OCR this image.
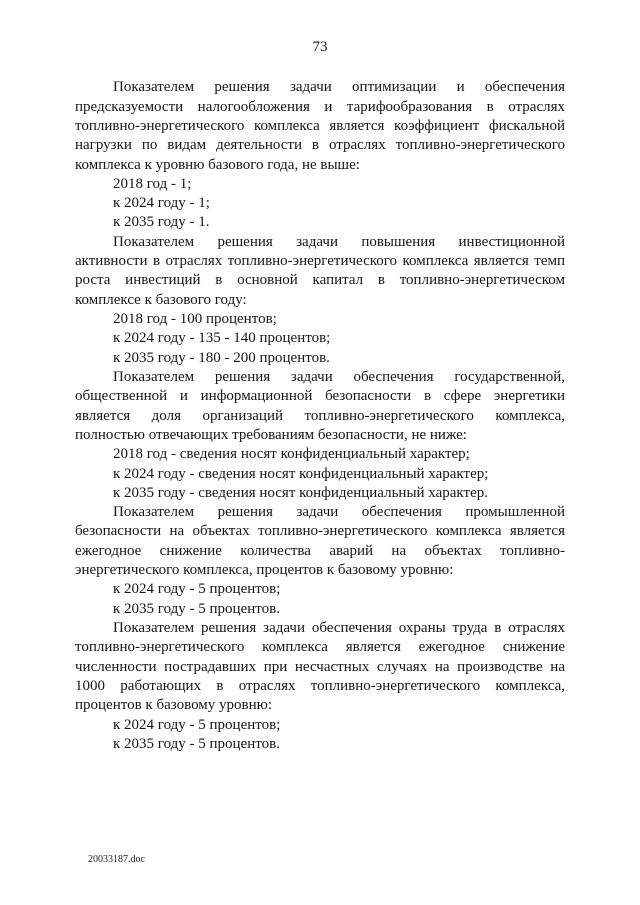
73
Показателем решения задачи оптимизации и обеспечения
предсказуемости налогообложения и тарифообразования в отраслях
топливно-энергетического комплекса является коэффициент фискальной
нагрузки по видам деятельности в отраслях топливно-энергетического
комплекса к уровню базового года, не выше:
2018 год - 1;
к 2024 году - 1;
к 2035 году - 1.
Показателем решения задачи повышения инвестиционной
активности в отраслях топливно-энергетического комплекса является темп
роста инвестиций в основной капитал в топливно-энергетическом
комплексе к базового году:
2018 год - 100 процентов;
к 2024 году - 135 - 140 процентов;
к 2035 году - 180 - 200 процентов.
Показателем решения задачи обеспечения государственной,
общественной и информационной безопасности в сфере энергетики
является доля организаций топливно-энергетического комплекса,
полностью отвечающих требованиям безопасности, не ниже:
2018 год - сведения носят конфиденциальный характер;
к 2024 году - сведения носят конфиденциальный характер;
к 2035 году - сведения носят конфиденциальный характер.
Показателем решения задачи обеспечения промышленной
безопасности на объектах топливно-энергетического комплекса является
ежегодное снижение количества аварий на объектах топливно-
энергетического комплекса, процентов к базовому уровню:
к 2024 году - 5 процентов;
к 2035 году - 5 процентов.
Показателем решения задачи обеспечения охраны труда в отраслях
топливно-энергетического комплекса является ежегодное снижение
численности пострадавших при несчастных случаях на производстве на
1000 работающих в отраслях топливно-энергетического комплекса,
процентов к базовому уровню:
к 2024 году - 5 процентов;
к 2035 году - 5 процентов.
20033187.doc
